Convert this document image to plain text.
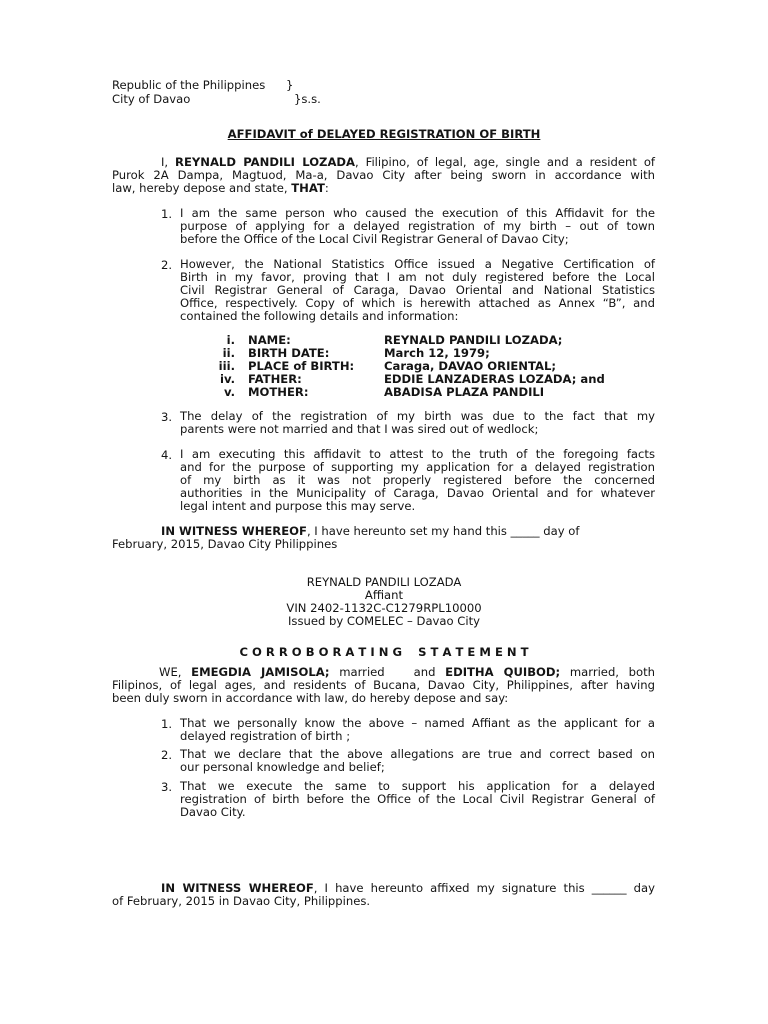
Republic of the Philippines }
City of Davao	}s.s.
AFFIDAVIT of DELAYED REGISTRATION OF BIRTH
I, REYNALD PANDILI LOZADA, Filipino, of legal, age, single and a resident of
Purok 2A Dampa, Magtuod, Ma-a, Davao City after being sworn in accordance with
law, hereby depose and state, THAT:
1. I am the same person who caused the execution of this Affidavit for the
purpose of applying for a delayed registration of my birth – out of town
before the Office of the Local Civil Registrar General of Davao City;
2. However, the National Statistics Office issued a Negative Certification of
Birth in my favor, proving that I am not duly registered before the Local
Civil Registrar General of Caraga, Davao Oriental and National Statistics
Office, respectively. Copy of which is herewith attached as Annex “B”, and
contained the following details and information:
i. NAME:	REYNALD PANDILI LOZADA;
ii. BIRTH DATE:	March 12, 1979;
iii. PLACE of BIRTH:	Caraga, DAVAO ORIENTAL;
iv. FATHER:	EDDIE LANZADERAS LOZADA; and
v. MOTHER:	ABADISA PLAZA PANDILI
3. The delay of the registration of my birth was due to the fact that my
parents were not married and that I was sired out of wedlock;
4. I am executing this affidavit to attest to the truth of the foregoing facts
and for the purpose of supporting my application for a delayed registration
of my birth as it was not properly registered before the concerned
authorities in the Municipality of Caraga, Davao Oriental and for whatever
legal intent and purpose this may serve.
IN WITNESS WHEREOF, I have hereunto set my hand this _____ day of
February, 2015, Davao City Philippines
REYNALD PANDILI LOZADA
Affiant
VIN 2402-1132C-C1279RPL10000
Issued by COMELEC – Davao City
C O R R O B O R A T I N G    S T A T E M E N T
WE, EMEGDIA JAMISOLA; married   and EDITHA QUIBOD; married, both
Filipinos, of legal ages, and residents of Bucana, Davao City, Philippines, after having
been duly sworn in accordance with law, do hereby depose and say:
1. That we personally know the above – named Affiant as the applicant for a
delayed registration of birth ;
2. That we declare that the above allegations are true and correct based on
our personal knowledge and belief;
3. That we execute the same to support his application for a delayed
registration of birth before the Office of the Local Civil Registrar General of
Davao City.
IN WITNESS WHEREOF, I have hereunto affixed my signature this ______ day
of February, 2015 in Davao City, Philippines.
